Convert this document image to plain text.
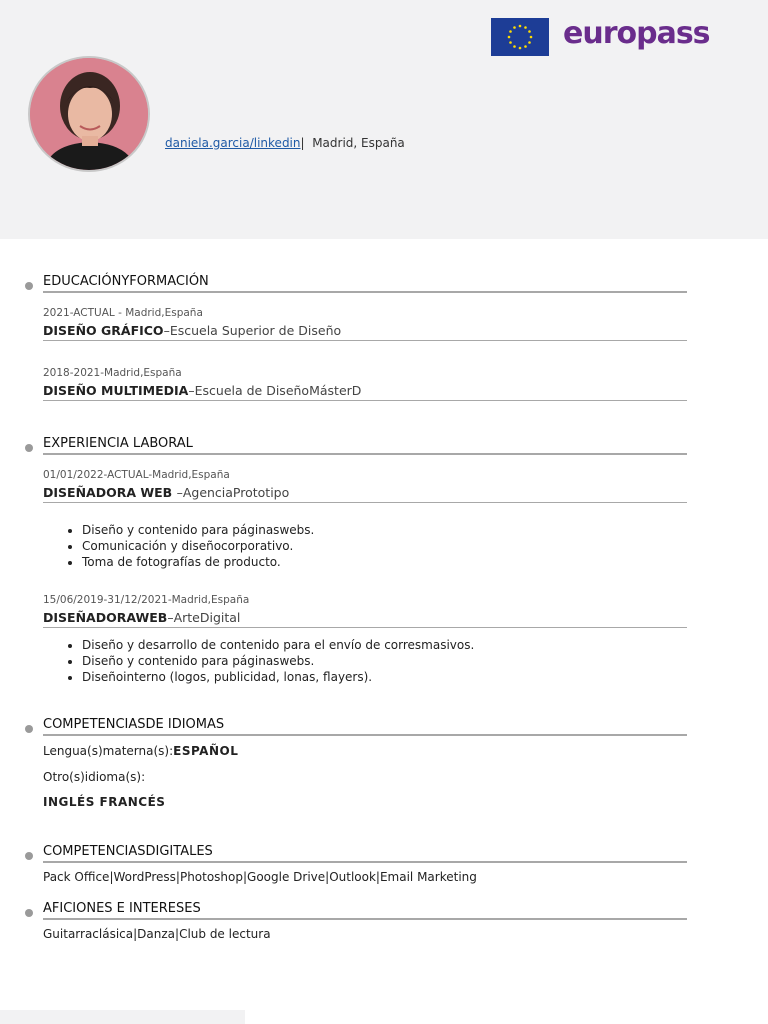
europass
daniela.garcia/linkedin| Madrid, España
EDUCACIÓNYFORMACIÓN
2021-ACTUAL - Madrid,España
DISEÑO GRÁFICO–Escuela Superior de Diseño
2018-2021-Madrid,España
DISEÑO MULTIMEDIA–Escuela de DiseñoMásterD
EXPERIENCIA LABORAL
01/01/2022-ACTUAL-Madrid,España
DISEÑADORA WEB –AgenciaPrototipo
• Diseño y contenido para páginaswebs.
• Comunicación y diseñocorporativo.
• Toma de fotografías de producto.
15/06/2019-31/12/2021-Madrid,España
DISEÑADORAWEB–ArteDigital
• Diseño y desarrollo de contenido para el envío de corresmasivos.
• Diseño y contenido para páginaswebs.
• Diseñointerno (logos, publicidad, lonas, flayers).
COMPETENCIASDE IDIOMAS
Lengua(s)materna(s):ESPAÑOL
Otro(s)idioma(s):
INGLÉS FRANCÉS
COMPETENCIASDIGITALES
Pack Office|WordPress|Photoshop|Google Drive|Outlook|Email Marketing
AFICIONES E INTERESES
Guitarraclásica|Danza|Club de lectura
